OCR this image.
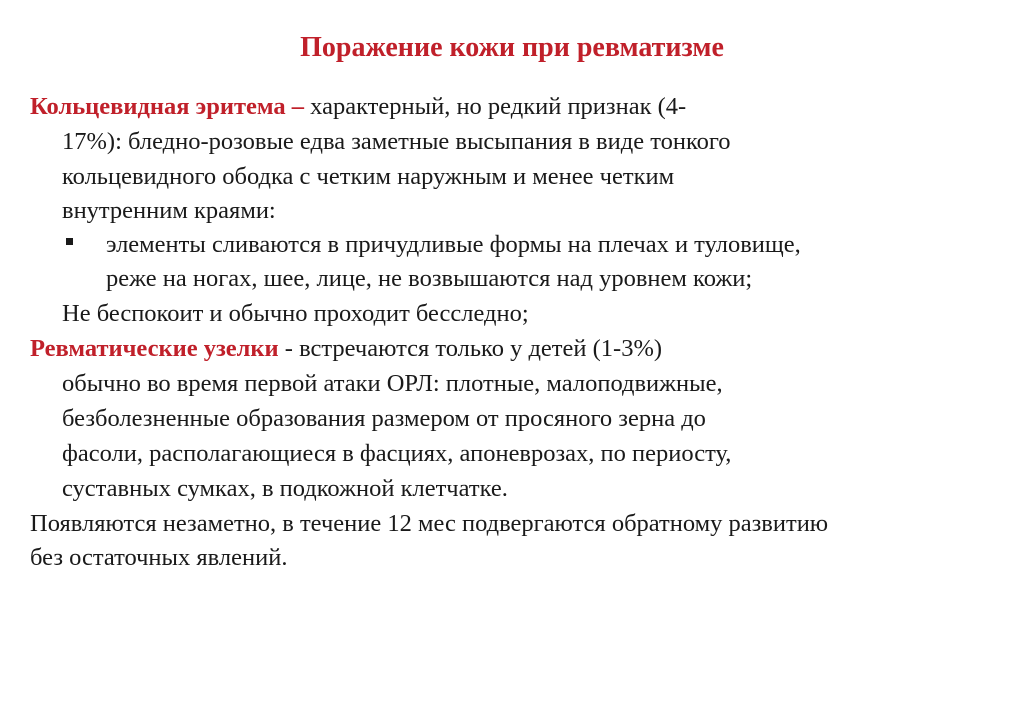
Поражение кожи при ревматизме

Кольцевидная эритема – характерный, но редкий признак (4-

17%): бледно-розовые едва заметные высыпания в виде тонкого

кольцевидного ободка с четким наружным и менее четким

внутренним краями:

элементы сливаются в причудливые формы на плечах и туловище,

реже на ногах, шее, лице, не возвышаются над уровнем кожи;

Не беспокоит и обычно проходит бесследно;

Ревматические узелки - встречаются только у детей (1-3%)

обычно во время первой атаки ОРЛ: плотные, малоподвижные,

безболезненные образования размером от просяного зерна до

фасоли, располагающиеся в фасциях, апоневрозах, по периосту,

суставных сумках, в подкожной клетчатке.

Появляются незаметно, в течение 12 мес подвергаются обратному развитию

без остаточных явлений.
